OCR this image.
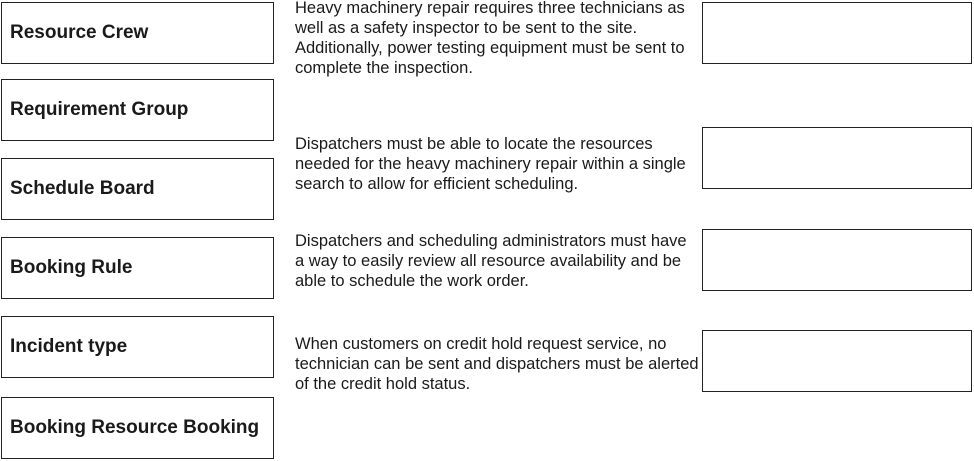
Resource Crew
Requirement Group
Schedule Board
Booking Rule
Incident type
Booking Resource Booking

Heavy machinery repair requires three technicians as well as a safety inspector to be sent to the site. Additionally, power testing equipment must be sent to complete the inspection.

Dispatchers must be able to locate the resources needed for the heavy machinery repair within a single search to allow for efficient scheduling.

Dispatchers and scheduling administrators must have a way to easily review all resource availability and be able to schedule the work order.

When customers on credit hold request service, no technician can be sent and dispatchers must be alerted of the credit hold status.
